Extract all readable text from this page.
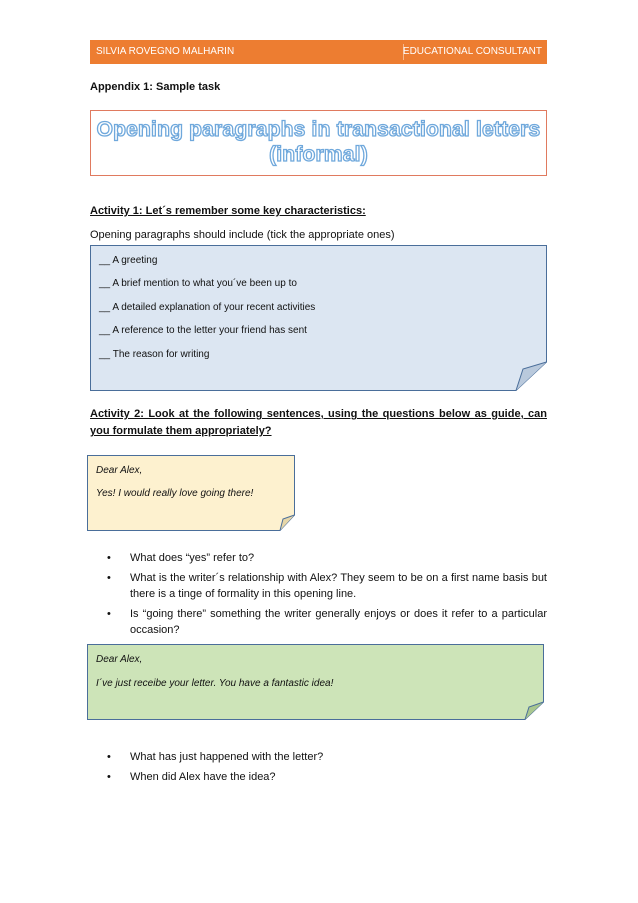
SILVIA ROVEGNO MALHARIN	EDUCATIONAL CONSULTANT
Appendix 1: Sample task
Opening paragraphs in transactional letters
(informal)
Activity 1: Let´s remember some key characteristics:
Opening paragraphs should include (tick the appropriate ones)
__ A greeting
__ A brief mention to what you´ve been up to
__ A detailed explanation of your recent activities
__ A reference to the letter your friend has sent
__ The reason for writing
Activity 2: Look at the following sentences, using the questions below as guide, can you formulate them appropriately?
Dear Alex,
Yes! I would really love going there!
• What does “yes” refer to?
• What is the writer´s relationship with Alex? They seem to be on a first name basis but there is a tinge of formality in this opening line.
• Is “going there” something the writer generally enjoys or does it refer to a particular occasion?
Dear Alex,
I´ve just receibe your letter. You have a fantastic idea!
• What has just happened with the letter?
• When did Alex have the idea?
